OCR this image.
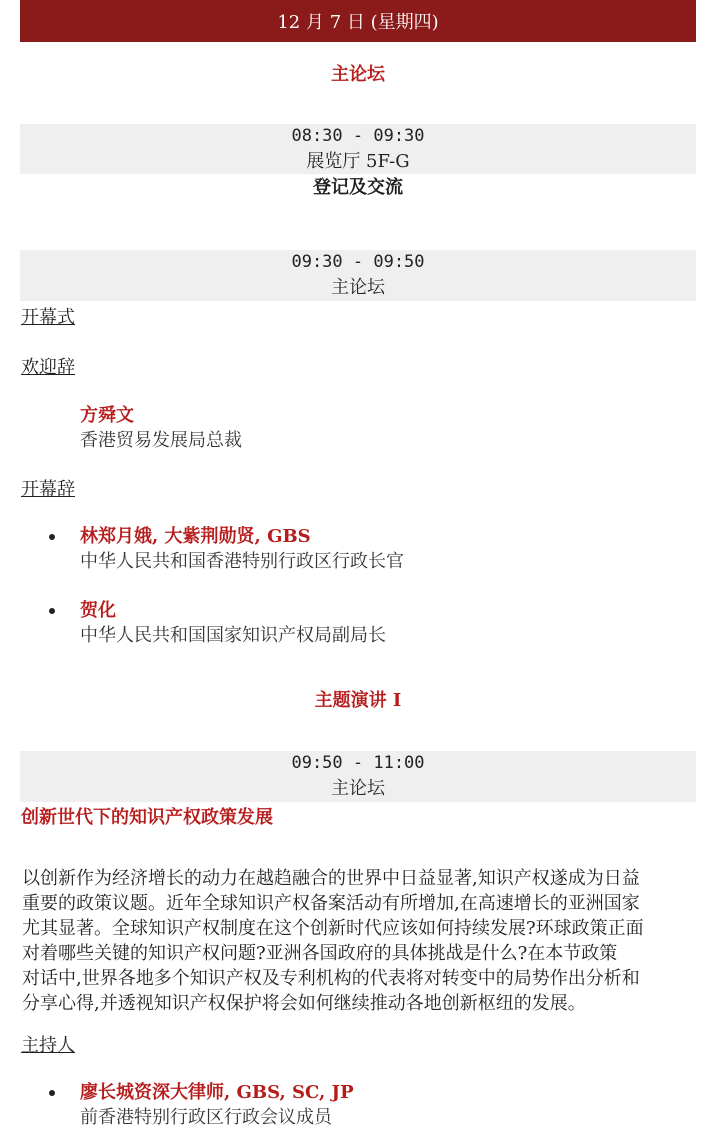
12 月 7 日 (星期四)
主论坛
08:30 - 09:30
展览厅 5F-G
登记及交流
09:30 - 09:50
主论坛
开幕式
欢迎辞
方舜文
香港贸易发展局总裁
开幕辞
林郑月娥, 大紫荆勋贤, GBS
中华人民共和国香港特别行政区行政长官
贺化
中华人民共和国国家知识产权局副局长
主题演讲 I
09:50 - 11:00
主论坛
创新世代下的知识产权政策发展
以创新作为经济增长的动力在越趋融合的世界中日益显著,知识产权遂成为日益
重要的政策议题。近年全球知识产权备案活动有所增加,在高速增长的亚洲国家
尤其显著。全球知识产权制度在这个创新时代应该如何持续发展?环球政策正面
对着哪些关键的知识产权问题?亚洲各国政府的具体挑战是什么?在本节政策
对话中,世界各地多个知识产权及专利机构的代表将对转变中的局势作出分析和
分享心得,并透视知识产权保护将会如何继续推动各地创新枢纽的发展。
主持人
廖长城资深大律师, GBS, SC, JP
前香港特别行政区行政会议成员
